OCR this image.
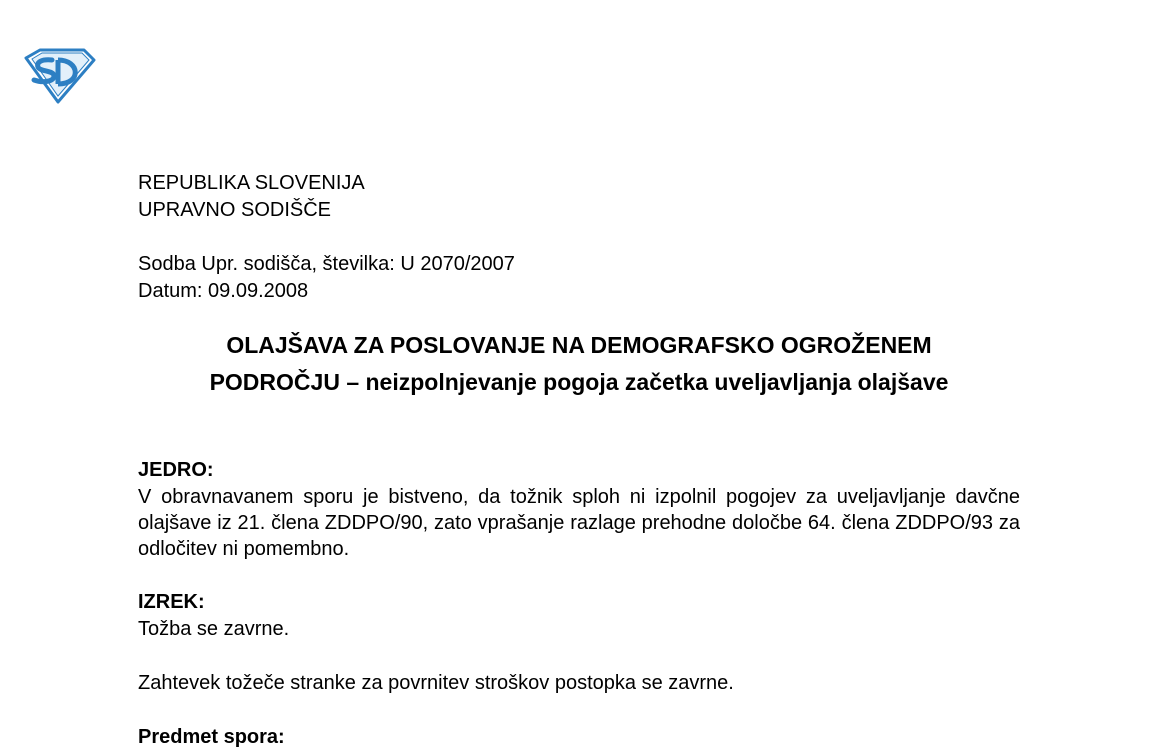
REPUBLIKA SLOVENIJA

UPRAVNO SODIŠČE

Sodba Upr. sodišča, številka: U 2070/2007

Datum: 09.09.2008

OLAJŠAVA ZA POSLOVANJE NA DEMOGRAFSKO OGROŽENEM

PODROČJU – neizpolnjevanje pogoja začetka uveljavljanja olajšave

JEDRO:

V obravnavanem sporu je bistveno, da tožnik sploh ni izpolnil pogojev za uveljavljanje davčne olajšave iz 21. člena ZDDPO/90, zato vprašanje razlage prehodne določbe 64. člena ZDDPO/93 za odločitev ni pomembno.

IZREK:

Tožba se zavrne.

Zahtevek tožeče stranke za povrnitev stroškov postopka se zavrne.

Predmet spora:
